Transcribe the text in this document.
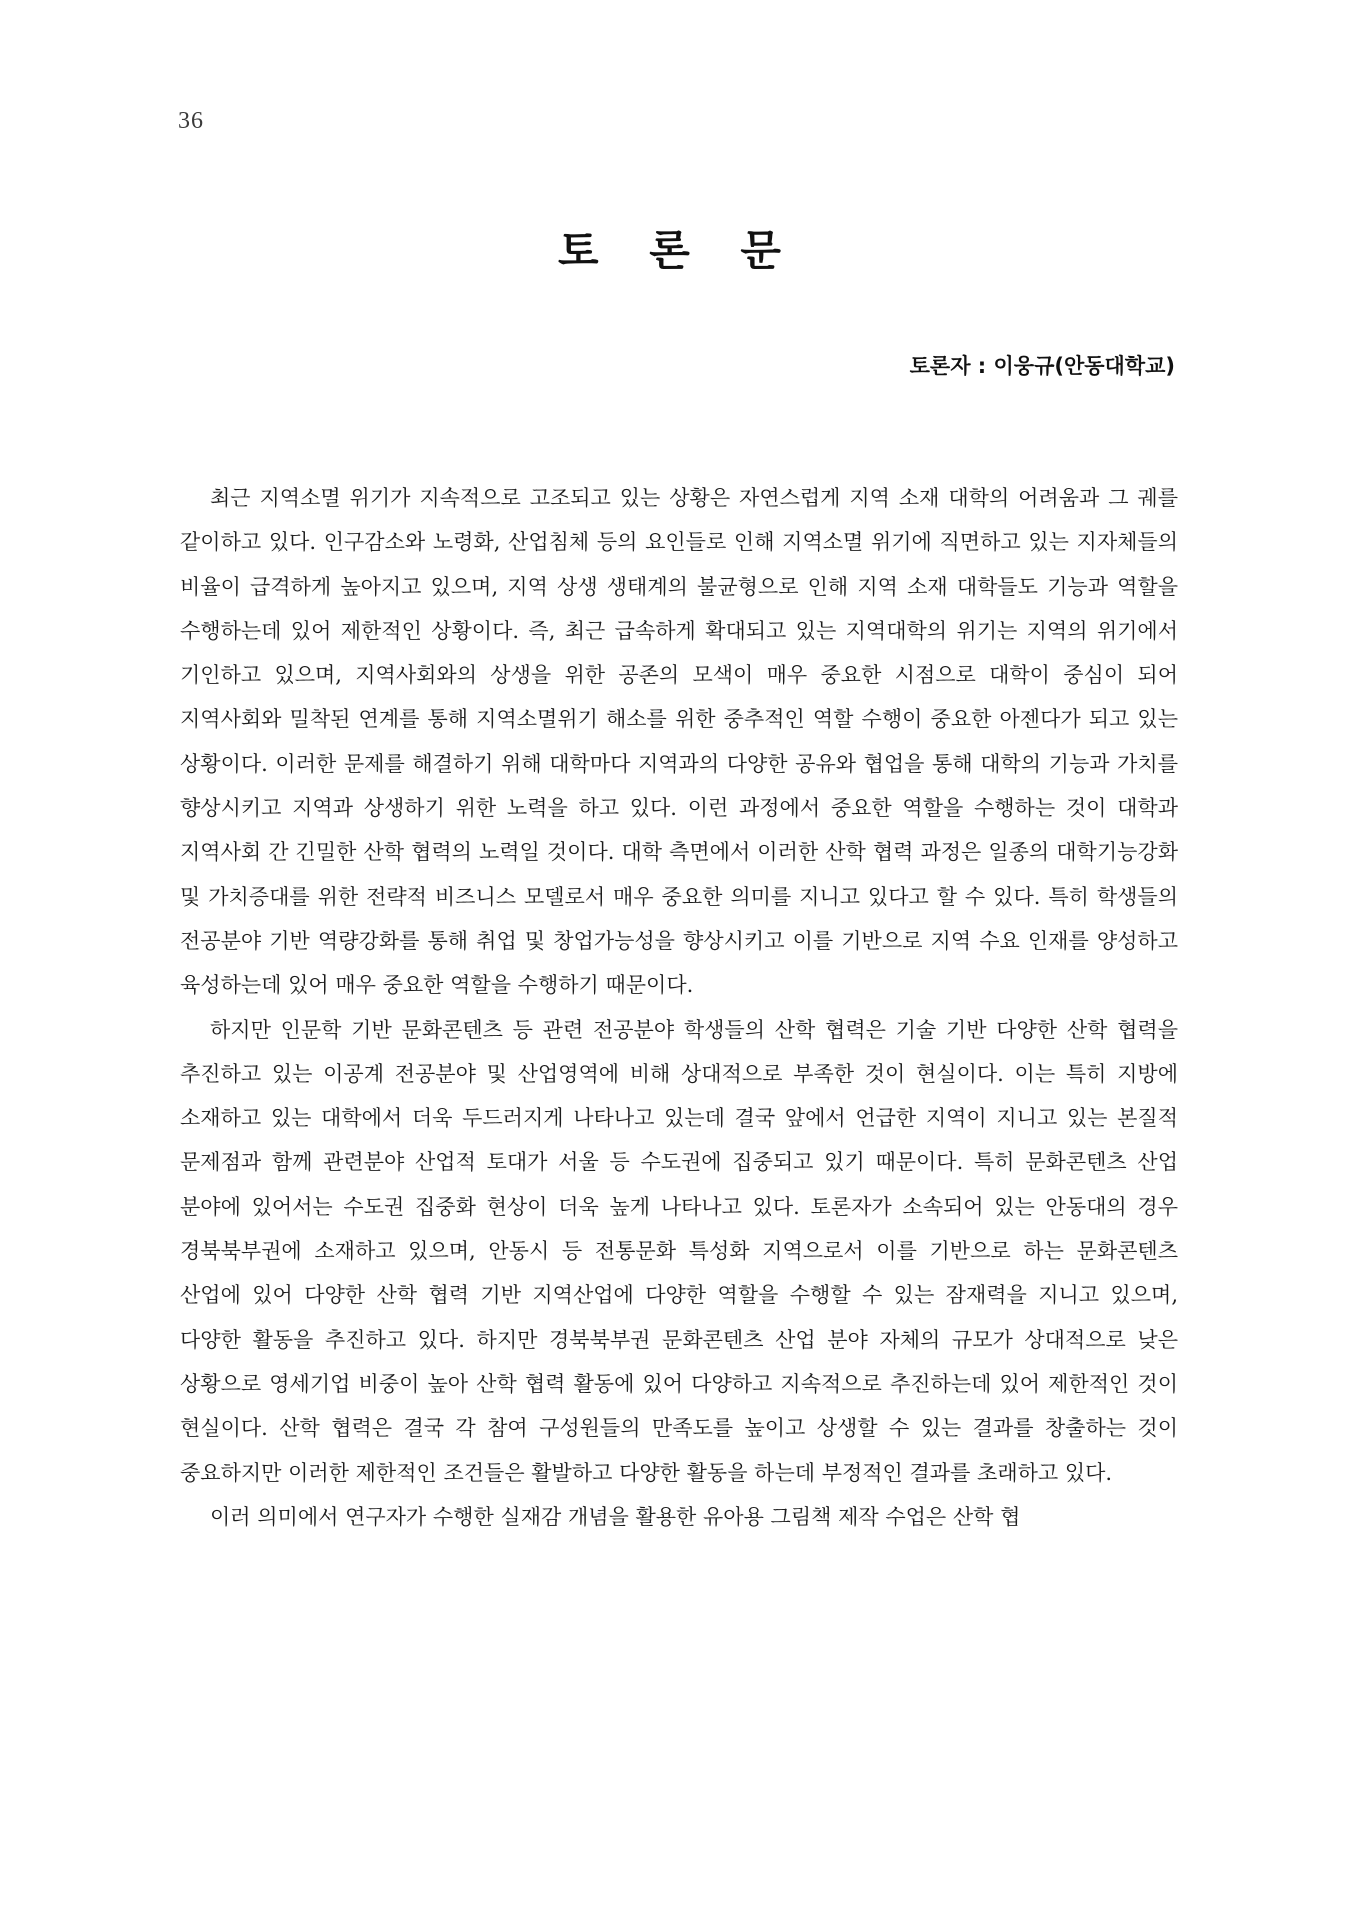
36
토 론 문
토론자 : 이웅규(안동대학교)

최근 지역소멸 위기가 지속적으로 고조되고 있는 상황은 자연스럽게 지역 소재 대학의 어려움과 그 궤를 같이하고 있다. 인구감소와 노령화, 산업침체 등의 요인들로 인해 지역소멸 위기에 직면하고 있는 지자체들의 비율이 급격하게 높아지고 있으며, 지역 상생 생태계의 불균형으로 인해 지역 소재 대학들도 기능과 역할을 수행하는데 있어 제한적인 상황이다. 즉, 최근 급속하게 확대되고 있는 지역대학의 위기는 지역의 위기에서 기인하고 있으며, 지역사회와의 상생을 위한 공존의 모색이 매우 중요한 시점으로 대학이 중심이 되어 지역사회와 밀착된 연계를 통해 지역소멸위기 해소를 위한 중추적인 역할 수행이 중요한 아젠다가 되고 있는 상황이다. 이러한 문제를 해결하기 위해 대학마다 지역과의 다양한 공유와 협업을 통해 대학의 기능과 가치를 향상시키고 지역과 상생하기 위한 노력을 하고 있다. 이런 과정에서 중요한 역할을 수행하는 것이 대학과 지역사회 간 긴밀한 산학 협력의 노력일 것이다. 대학 측면에서 이러한 산학 협력 과정은 일종의 대학기능강화 및 가치증대를 위한 전략적 비즈니스 모델로서 매우 중요한 의미를 지니고 있다고 할 수 있다. 특히 학생들의 전공분야 기반 역량강화를 통해 취업 및 창업가능성을 향상시키고 이를 기반으로 지역 수요 인재를 양성하고 육성하는데 있어 매우 중요한 역할을 수행하기 때문이다.

하지만 인문학 기반 문화콘텐츠 등 관련 전공분야 학생들의 산학 협력은 기술 기반 다양한 산학 협력을 추진하고 있는 이공계 전공분야 및 산업영역에 비해 상대적으로 부족한 것이 현실이다. 이는 특히 지방에 소재하고 있는 대학에서 더욱 두드러지게 나타나고 있는데 결국 앞에서 언급한 지역이 지니고 있는 본질적 문제점과 함께 관련분야 산업적 토대가 서울 등 수도권에 집중되고 있기 때문이다. 특히 문화콘텐츠 산업 분야에 있어서는 수도권 집중화 현상이 더욱 높게 나타나고 있다. 토론자가 소속되어 있는 안동대의 경우 경북북부권에 소재하고 있으며, 안동시 등 전통문화 특성화 지역으로서 이를 기반으로 하는 문화콘텐츠 산업에 있어 다양한 산학 협력 기반 지역산업에 다양한 역할을 수행할 수 있는 잠재력을 지니고 있으며, 다양한 활동을 추진하고 있다. 하지만 경북북부권 문화콘텐츠 산업 분야 자체의 규모가 상대적으로 낮은 상황으로 영세기업 비중이 높아 산학 협력 활동에 있어 다양하고 지속적으로 추진하는데 있어 제한적인 것이 현실이다. 산학 협력은 결국 각 참여 구성원들의 만족도를 높이고 상생할 수 있는 결과를 창출하는 것이 중요하지만 이러한 제한적인 조건들은 활발하고 다양한 활동을 하는데 부정적인 결과를 초래하고 있다.

이러 의미에서 연구자가 수행한 실재감 개념을 활용한 유아용 그림책 제작 수업은 산학 협
